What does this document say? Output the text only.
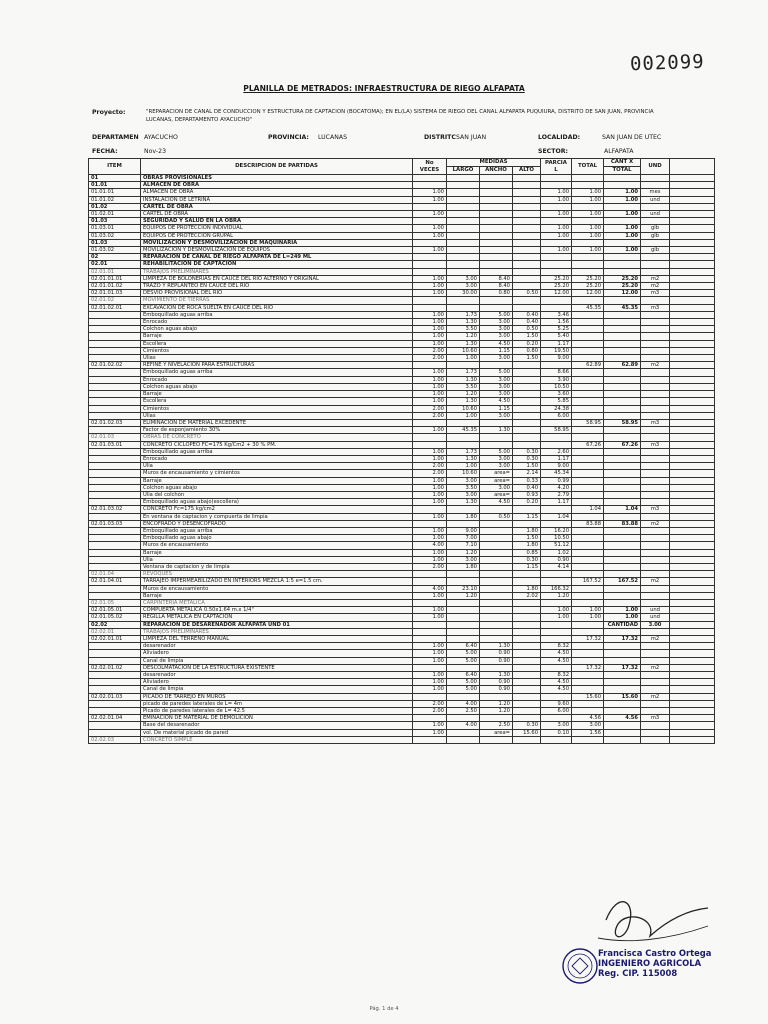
002099
PLANILLA DE METRADOS: INFRAESTRUCTURA DE RIEGO ALFAPATA
Proyecto:	"REPARACION DE CANAL DE CONDUCCION Y ESTRUCTURA DE CAPTACION (BOCATOMA); EN EL(LA) SISTEMA DE RIEGO DEL CANAL ALFAPATA PUQUIURA, DISTRITO DE SAN JUAN, PROVINCIA LUCANAS, DEPARTAMENTO AYACUCHO"
DEPARTAMEN AYACUCHO	PROVINCIA: LUCANAS	DISTRITC SAN JUAN	LOCALIDAD:	SAN JUAN DE UTEC
FECHA:	Nov-23	SECTOR:	ALFAPATA
ITEM	DESCRIPCION DE PARTIDAS	No VECES	MEDIDAS			PARCIA L	TOTAL	CANT X	UND	
			LARGO	ANCHO	ALTO			TOTAL		
01	OBRAS PROVISIONALES									
01.01	ALMACEN DE OBRA									
01.01.01	ALMACEN DE OBRA	1.00				1.00	1.00	1.00	mes	
01.01.02	INSTALACION DE LETRINA	1.00				1.00	1.00	1.00	und	
01.02	CARTEL DE OBRA									
01.02.01	CARTEL DE OBRA	1.00				1.00	1.00	1.00	und	
01.03	SEGURIDAD Y SALUD EN LA OBRA									
01.03.01	EQUIPOS DE PROTECCION INDIVIDUAL	1.00				1.00	1.00	1.00	glb	
01.03.02	EQUIPOS DE PROTECCION GRUPAL	1.00				1.00	1.00	1.00	glb	
01.03	MOVILIZACION Y DESMOVILIZACION DE MAQUINARIA									
01.03.02	MOVILIZACION Y DESMOVILIZACION DE EQUIPOS	1.00				1.00	1.00	1.00	glb	
02	REPARACION DE CANAL DE RIEGO ALFAPATA DE L=249 ML									
02.01	REHABILITACION DE CAPTACION									
02.01.01	TRABAJOS PRELIMINARES									
02.01.01.01	LIMPIEZA DE BOLONERIAS EN CAUCE DEL RIO ALTERNO Y ORIGINAL	1.00	3.00	8.40		25.20	25.20	25.20	m2	
02.01.01.02	TRAZO Y REPLANTEO EN CAUCE DEL RIO	1.00	3.00	8.40		25.20	25.20	25.20	m2	
02.01.01.03	DESVIO PROVISIONAL DEL RIO	1.00	30.00	0.80	0.50	12.00	12.00	12.00	m3	
02.01.02	MOVIMIENTO DE TIERRAS									
02.01.02.01	EXCAVACION DE ROCA SUELTA EN CAUCE DEL RIO						45.35	45.35	m3	
	Emboquillado aguas arriba	1.00	1.73	5.00	0.40	3.46				
	Enrocado	1.00	1.30	3.00	0.40	1.56				
	Colchon aguas abajo	1.00	3.50	3.00	0.50	5.25				
	Barraje	1.00	1.20	3.00	1.50	5.40				
	Escollera	1.00	1.30	4.50	0.20	1.17				
	Cimientos	2.00	10.60	1.15	0.80	19.50				
	Ulias	2.00	1.00	3.00	1.50	9.00				
02.01.02.02	REFINE Y NIVELACION PARA ESTRUCTURAS						62.89	62.89	m2	
	Emboquillado aguas arriba	1.00	1.73	5.00		8.66				
	Enrocado	1.00	1.30	3.00		3.90				
	Colchon aguas abajo	1.00	3.50	3.00		10.50				
	Barraje	1.00	1.20	3.00		3.60				
	Escollera	1.00	1.30	4.50		5.85				
	Cimientos	2.00	10.60	1.15		24.38				
	Ulias	2.00	1.00	3.00		6.00				
02.01.02.03	ELIMINACION DE MATERIAL EXCEDENTE						58.95	58.95	m3	
	Factor de esponjamiento 30%	1.00	45.35	1.30		58.95				
02.01.03	OBRAS DE CONCRETO									
02.01.03.01	CONCRETO CICLOPEO FC=175 Kg/Cm2 + 30 % PM.						67.26	67.26	m3	
	Emboquillado aguas arriba	1.00	1.73	5.00	0.30	2.60				
	Enrocado	1.00	1.30	3.00	0.30	1.17				
	Ulia	2.00	1.00	3.00	1.50	9.00				
	Muros de encausamiento y cimientos	2.00	10.60	area=	2.14	45.34				
	Barraje	1.00	3.00	area=	0.33	0.99				
	Colchon aguas abajo	1.00	3.50	3.00	0.40	4.20				
	Ulia del colchón	1.00	3.00	area=	0.93	2.79				
	Emboquillado aguas abajo(escollera)	1.00	1.30	4.50	0.20	1.17				
02.01.03.02	CONCRETO Fc=175 kg/cm2						1.04	1.04	m3	
	En ventana de captacion y compuerta de limpia	1.00	1.80	0.50	1.15	1.04				
02.01.03.03	ENCOFRADO Y DESENCOFRADO						83.88	83.88	m2	
	Emboquillado aguas arriba	1.00	9.00		1.80	16.20				
	Emboquillado aguas abajo	1.00	7.00		1.50	10.50				
	Muros de encausamiento	4.00	7.10		1.80	51.12				
	Barraje	1.00	1.20		0.85	1.02				
	Ulia	1.00	3.00		0.30	0.90				
	Ventana de captacion y de limpia	2.00	1.80		1.15	4.14				
02.01.04	REVOQUES									
02.01.04.01	TARRAJEO IMPERMEABILIZADO EN INTERIORS MEZCLA 1:5 e=1.5 cm.						167.52	167.52	m2	
	Muros de encausamiento	4.00	23.10		1.80	166.32				
	Barraje	1.00	1.20		2.02	1.20				
02.01.05	CARPINTERIA METALICA									
02.01.05.01	COMPUERTA METALICA 0.50x1.64 m.x 1/4"	1.00				1.00	1.00	1.00	und	
02.01.05.02	REGILLA METALICA EN CAPTACION	1.00				1.00	1.00	1.00	und	
02.02	REPARACION DE DESARENADOR ALFAPATA UND 01							CANTIDAD	3.00	
02.02.01	TRABAJOS PRELIMINARES									
02.02.01.01	LIMPIEZA DEL TERRENO MANUAL						17.32	17.32	m2	
	desarenador	1.00	6.40	1.30		8.32				
	Aliviadero	1.00	5.00	0.90		4.50				
	Canal de limpia	1.00	5.00	0.90		4.50				
02.02.01.02	DESCOLMATACION DE LA ESTRUCTURA EXISTENTE						17.32	17.32	m2	
	desarenador	1.00	6.40	1.30		8.32				
	Aliviadero	1.00	5.00	0.90		4.50				
	Canal de limpia	1.00	5.00	0.90		4.50				
02.02.01.03	PICADO DE TARREJO EN MUROS						15.60	15.60	m2	
	picado de paredes laterales de L= 4m	2.00	4.00	1.20		9.60				
	Picado de paredes laterales de L= 42.5	2.00	2.50	1.20		6.00				
02.02.01.04	EMINACION DE MATERIAL DE DEMOLICION						4.56	4.56	m3	
	Base del desarenador	1.00	4.00	2.50	0.30	3.00	3.00			
	vol. De material picado de pared	1.00		area=	15.60	0.10	1.56			
02.02.03	CONCRETO SIMPLE									
Francisca Castro Ortega
INGENIERO AGRICOLA
Reg. CIP. 115008
Pág. 1 de 4
